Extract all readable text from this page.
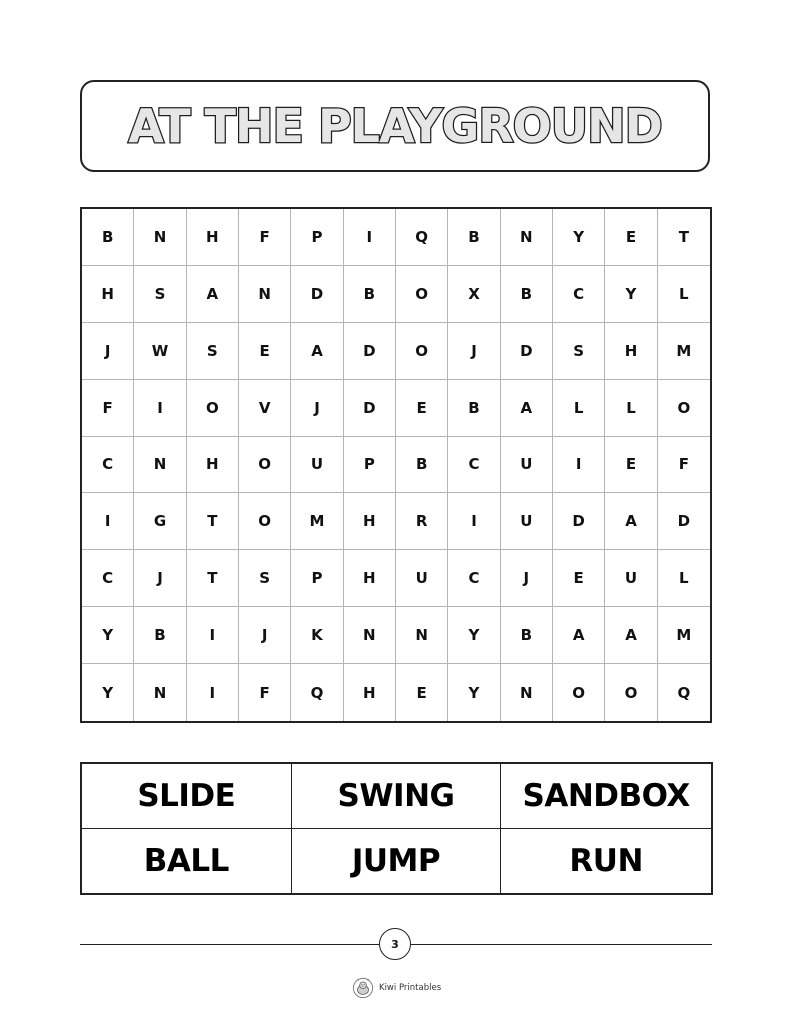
AT THE PLAYGROUND
B	N	H	F	P	I	Q	B	N	Y	E	T
H	S	A	N	D	B	O	X	B	C	Y	L
J	W	S	E	A	D	O	J	D	S	H	M
F	I	O	V	J	D	E	B	A	L	L	O
C	N	H	O	U	P	B	C	U	I	E	F
I	G	T	O	M	H	R	I	U	D	A	D
C	J	T	S	P	H	U	C	J	E	U	L
Y	B	I	J	K	N	N	Y	B	A	A	M
Y	N	I	F	Q	H	E	Y	N	O	O	Q
SLIDE	SWING	SANDBOX
BALL	JUMP	RUN
3
Kiwi Printables
